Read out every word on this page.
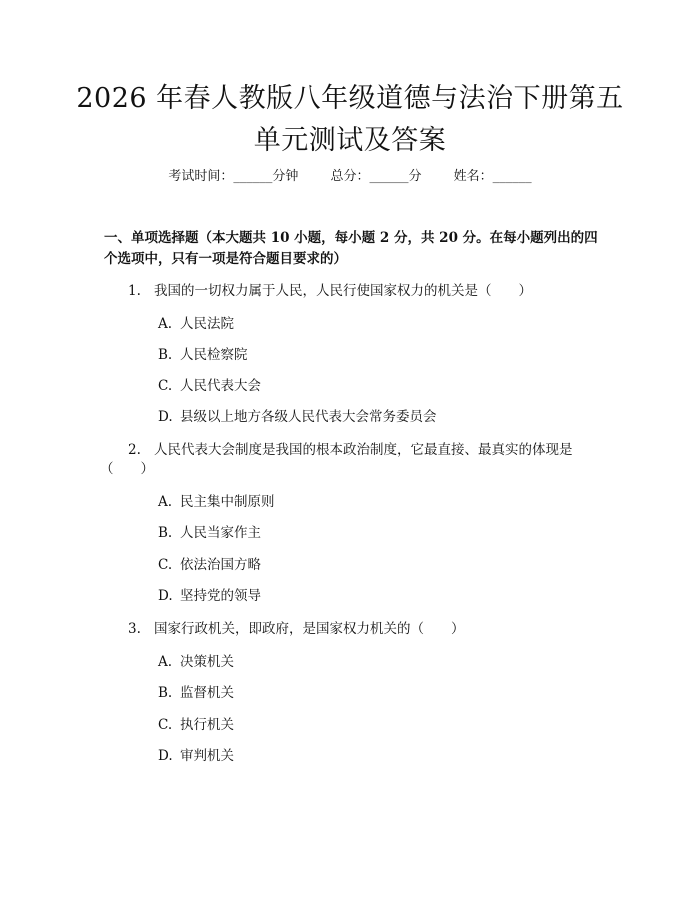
2026 年春人教版八年级道德与法治下册第五
单元测试及答案
考试时间：______分钟 总分：______分 姓名：______
一、单项选择题（本大题共 10 小题，每小题 2 分，共 20 分。在每小题列出的四
个选项中，只有一项是符合题目要求的）
1. 我国的一切权力属于人民，人民行使国家权力的机关是（　　）
A. 人民法院
B. 人民检察院
C. 人民代表大会
D. 县级以上地方各级人民代表大会常务委员会
2. 人民代表大会制度是我国的根本政治制度，它最直接、最真实的体现是
（　　）
A. 民主集中制原则
B. 人民当家作主
C. 依法治国方略
D. 坚持党的领导
3. 国家行政机关，即政府，是国家权力机关的（　　）
A. 决策机关
B. 监督机关
C. 执行机关
D. 审判机关
